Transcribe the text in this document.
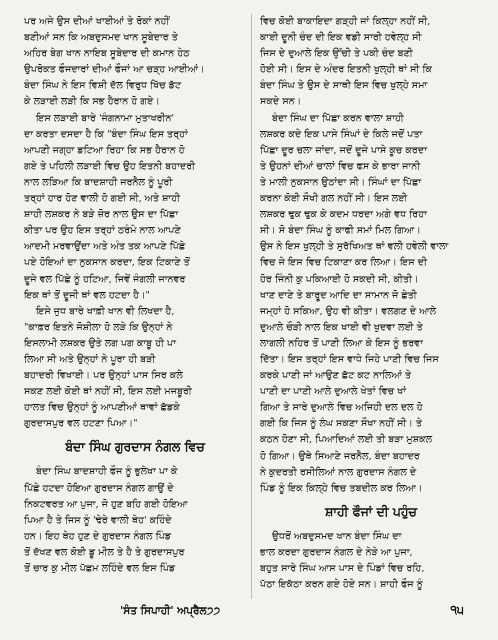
ਪਰ ਅਜੇ ਉਸ ਦੀਆਂ ਖਾਈਆਂ ਤੇ ਰੋਕਾਂ ਨਹੀਂ
ਬਣੀਆਂ ਸਨ ਕਿ ਅਬਦੁਸਮਦ ਖਾਨ ਸੂਬੇਦਾਰ ਤੇ
ਅਹਿਰ ਬੇਗ ਖਾਨ ਨਾਇਬ ਸੂਬੇਦਾਰ ਦੀ ਕਮਾਨ ਹੇਠ
ਉਪਰੋਕਤ ਫੌਜਦਾਰਾਂ ਦੀਆਂ ਫੌਜਾਂ ਆ ਚੜ੍ਹ ਆਈਆਂ।
ਬੰਦਾ ਸਿੰਘ ਨੇ ਇਸ ਵਿਸ਼ੀ ਦੱਲ ਵਿਰੁਧ ਖਿੱਚ ਡੱਟ
ਕੇ ਲੜਾਈ ਲੜੀ ਕਿ ਸਭ ਹੈਰਾਨ ਹੋ ਗਏ।
ਇਸ ਲੜਾਈ ਬਾਰੇ 'ਜੰਗਨਾਮਾ ਮੁਤਾਖਰੀਨ'
ਦਾ ਕਰਤਾ ਦਸਦਾ ਹੈ ਕਿ "ਬੰਦਾ ਸਿੰਘ ਇਸ ਤਰ੍ਹਾਂ
ਆਪਣੀ ਜਗ੍ਹਾ ਡਟਿਆ ਰਿਹਾ ਕਿ ਸਭ ਹੈਰਾਨ ਹੋ
ਗਏ ਤੇ ਪਹਿਲੀ ਲੜਾਈ ਵਿਚ ਉਹ ਇਤਨੀ ਬਹਾਦਰੀ
ਨਾਲ ਲੜਿਆ ਕਿ ਬਾਦਸ਼ਾਹੀ ਜਰਨੈਲ ਨੂੰ ਪੂਰੀ
ਤਰ੍ਹਾਂ ਹਾਰ ਹੋਣ ਵਾਲੀ ਹੋ ਗਈ ਸੀ, ਅਤੇ ਸ਼ਾਹੀ
ਸ਼ਾਹੀ ਲਸ਼ਕਰ ਨੇ ਬੜੇ ਜ਼ੋਰ ਨਾਲ ਉਸ ਦਾ ਪਿੱਛਾ
ਕੀਤਾ ਪਰ ਉਹ ਇਸ ਤਰ੍ਹਾਂ ਠਰੰਮੇ ਨਾਲ ਆਪਣੇ
ਆਦਮੀ ਮਰਵਾਉਂਦਾ ਅਤੇ ਅੰਤ ਤਕ ਆਪਣੇ ਪਿੱਛੇ
ਪਏ ਹੋਇਆਂ ਦਾ ਨੁਕਸਾਨ ਕਰਦਾ, ਇਕ ਟਿਕਾਣੇ ਤੋਂ
ਦੂਜੇ ਵਲ ਪਿੱਛੇ ਨੂੰ ਹਟਿਆ, ਜਿਵੇਂ ਜੰਗਲੀ ਜਾਨਵਰ
ਇਕ ਥਾਂ ਤੋਂ ਦੂਜੀ ਥਾਂ ਵਲ ਹਟਦਾ ਹੈ।"
ਇਸੇ ਜੁਧ ਬਾਰੇ ਖਾਫ਼ੀ ਖਾਨ ਵੀ ਲਿਖਦਾ ਹੈ,
"ਕਾਫ਼ਰ ਇਤਨੇ ਜੋਸ਼ੀਲਾ ਹੋ ਲੜੇ ਕਿ ਉਨ੍ਹਾਂ ਨੇ
ਇਸਲਾਮੀ ਲਸ਼ਕਰ ਉਤੇ ਲਗ ਪਗ ਕਾਬੂ ਹੀ ਪਾ
ਲਿਆ ਸੀ ਅਤੇ ਉਨ੍ਹਾਂ ਨੇ ਪੂਰਾ ਹੀ ਬੜੀ
ਬਹਾਦਰੀ ਵਿਖਾਈ। ਪਰ ਉਨ੍ਹਾਂ ਪਾਸ ਸਿਰ ਕਲੇ
ਸਕਣ ਲਈ ਕੋਈ ਥਾਂ ਨਹੀਂ ਸੀ, ਇਸ ਲਈ ਮਜਬੂਰੀ
ਹਾਲਤ ਵਿਚ ਉਨ੍ਹਾਂ ਨੂੰ ਆਪਣੀਆਂ ਥਾਵਾਂ ਛੱਡਕੇ
ਗੁਰਦਾਸਪੁਰ ਵਲ ਹਟਣਾ ਪਿਆ।"
ਬੰਦਾ ਸਿੰਘ ਗੁਰਦਾਸ ਨੰਗਲ ਵਿਚ
ਬੰਦਾ ਸਿੰਘ ਬਾਦਸ਼ਾਹੀ ਫੌਜ ਨੂੰ ਭੁਲੇਖਾ ਪਾ ਕੇ
ਪਿੱਛੇ ਹਟਦਾ ਹੋਇਆ ਗੁਰਦਾਸ ਨੰਗਲ ਗਾਉਂ ਦੇ
ਨਿਕਟਵਰਤ ਆ ਪੁਜਾ, ਜੋ ਹੁਣ ਬਹਿ ਗਈ ਹੋਇਆ
ਪਿਆ ਹੈ ਤੇ ਜਿਸ ਨੂੰ 'ਢੇਰੇ ਵਾਲੀ ਥੇਹ' ਕਹਿੰਦੇ
ਹਨ। ਇਹ ਥੇਹ ਹੁਣ ਦੇ ਗੁਰਦਾਸ ਨੰਗਲ ਪਿੰਡ
ਤੋਂ ਦੱਖਣ ਵਲ ਕੋਈ ਡੂ ਮੀਲ ਤੇ ਹੈ ਤੇ ਗੁਰਦਾਸਪੁਰ
ਤੋਂ ਚਾਰ ਕੁ ਮੀਲ ਪੱਛਮ ਲਹਿੰਦੇ ਵਲ ਇਸ ਪਿੰਡ
ਵਿਚ ਕੋਈ ਬਾਕਾਇਦਾ ਗੜ੍ਹੀ ਜਾਂ ਕਿਲ੍ਹਾ ਨਹੀਂ ਸੀ,
ਕਾਈ ਦੂਨੀ ਚੰਦ ਦੀ ਇਕ ਵਡੀ ਸਾਰੀ ਹਵੇਲ੍ਹ ਸੀ
ਜਿਸ ਦੇ ਦੁਆਲੇ ਇਕ ਉੱਚੀ ਤੇ ਪਕੀ ਚੰਦ ਬਣੀ
ਹੋਈ ਸੀ। ਇਸ ਦੇ ਅੰਦਰ ਇਤਨੀ ਖੁਲ੍ਹੀ ਥਾਂ ਸੀ ਕਿ
ਬੰਦਾ ਸਿੰਘ ਤੇ ਉਸ ਦੇ ਸਾਥੀ ਇਸ ਵਿਚ ਖੁਲ੍ਹੇ ਸਮਾ
ਸਕਦੇ ਸਨ।
ਬੰਦਾ ਸਿੰਘ ਦਾ ਪਿੱਛਾ ਕਰਨ ਵਾਲਾ ਸ਼ਾਹੀ
ਲਸ਼ਕਰ ਕਦੇ ਇਕ ਪਾਸੇ ਸਿੰਘਾਂ ਦੇ ਕਿਲੇ ਜਦੋਂ ਪਤਾ
ਪਿੱਛਾ ਦੂਰ ਚਲਾ ਜਾਂਦਾ, ਜਦੋਂ ਦੂਜੇ ਪਾਸੇ ਕੂਚ ਕਰਦਾ
ਤੇ ਉਹਨਾਂ ਦੀਆਂ ਚਾਲਾਂ ਵਿਚ ਫਸ ਕੇ ਭਾਰਾ ਜਾਨੀ
ਤੇ ਮਾਲੀ ਨੁਕਸਾਨ ਉਠਾਂਦਾ ਸੀ। ਸਿੰਘਾਂ ਦਾ ਪਿੱਛਾ
ਕਰਨਾ ਕੋਈ ਸੌਖੀ ਗਲ ਨਹੀਂ ਸੀ। ਇਸ ਲਈ
ਲਸ਼ਕਰ ਢੁਕ ਢੁਕ ਕੇ ਕਦਮ ਧਰਦਾ ਅਗੇ ਵਧ ਰਿਹਾ
ਸੀ। ਸੋ ਬੰਦਾ ਸਿੰਘ ਨੂੰ ਕਾਫੀ ਸਮਾਂ ਮਿਲ ਗਿਆ।
ਉਸ ਨੇ ਇਸ ਖੁਲ੍ਹੀ ਤੇ ਸੁਰੱਖਿਅਤ ਥਾਂ ਵਲੀ ਹਵੇਲੀ ਵਾਲਾ
ਵਿਚ ਜੇ ਇਸ ਵਿਚ ਟਿਕਾਣਾ ਕਰ ਲਿਆ। ਇਸ ਦੀ
ਹੋਰ ਜਿੰਨੀ ਕੁ ਪਕਿਆਈ ਹੋ ਸਕਦੀ ਸੀ, ਕੀਤੀ।
ਖਾਣ ਦਾਣੇ ਤੇ ਬਾਰੂਦ ਆਦਿ ਦਾ ਸਾਮਾਨ ਜੋ ਛੇਤੀ
ਜਮ੍ਹਾਂ ਹੋ ਸਕਿਆ, ਉਹ ਵੀ ਕੀਤਾ। ਵਲਗਣ ਦੇ ਆਲੇ
ਦੁਆਲੇ ਚੌੜੀ ਨਾਲ ਇਕ ਖਾਈ ਵੀ ਖੁਦਵਾ ਲਈ ਤੇ
ਲਾਗਲੀ ਨਹਿਰ ਤੋਂ ਪਾਣੀ ਲਿਆ ਕੇ ਇਸ ਨੂੰ ਭਰਵਾ
ਦਿੱਤਾ। ਇਸ ਤਰ੍ਹਾਂ ਇਸ ਵਾਧੇ ਜਿਹੇ ਪਾਣੀ ਵਿਚ ਜਿਸ
ਕਰਕੇ ਪਾਣੀ ਜਾਂ ਆਉਣ ਛੱਟ ਕਟ ਨਾਲਿਆਂ ਤੇ
ਪਾਣੀ ਦਾ ਪਾਣੀ ਆਲੇ ਦੁਆਲੇ ਖੇਤਾਂ ਵਿਚ ਖਾਂ
ਗਿਆ ਤੇ ਸਾਰੇ ਦੁਆਲੇ ਵਿਚ ਅਜਿਹੀ ਦਲ ਦਲ ਹੋ
ਗਈ ਕਿ ਜਿਸ ਨੂੰ ਲੰਘ ਸਕਣਾ ਸੌਖਾ ਨਹੀਂ ਸੀ। ਤੇ
ਕਠਨ ਹੋਣਾ ਸੀ, ਪਿਆਦਿਆਂ ਲਈ ਤੀ ਬੜਾ ਮੁਸ਼ਕਲ
ਹੋ ਗਿਆ। ਉਥੇ ਸਿਆਣੇ ਜਰਨੈਲ, ਬੰਦਾ ਬਹਾਦਰ
ਨੇ ਕੁਦਰਤੀ ਰਸੀਲਿਆਂ ਨਾਲ ਗੁਰਦਾਸ ਨੰਗਲ ਦੇ
ਪਿੰਡ ਨੂੰ ਇਕ ਕਿਲ੍ਹੇ ਵਿਚ ਤਬਦੀਲ ਕਰ ਲਿਆ।
ਸ਼ਾਹੀ ਫੌਜਾਂ ਦੀ ਪਹੁੰਚ
ਉਧਰੋਂ ਅਬਦੁਸਮਦ ਖਾਨ ਬੰਦਾ ਸਿੰਘ ਦਾ
ਭਾਲ ਕਰਦਾ ਗੁਰਦਾਸ ਨੰਗਲ ਦੇ ਨੇੜੇ ਆ ਪੁਜਾ,
ਬਹੁਤ ਸਾਰੇ ਸਿੰਘ ਆਸ ਪਾਸ ਦੇ ਪਿੰਡਾਂ ਵਿਚ ਰਹਿ,
ਪੱਠਾ ਇਕੱਠਾ ਕਰਨ ਗਏ ਹੋਏ ਸਨ। ਸ਼ਾਹੀ ਫੌਜ ਨੂੰ
'ਸੰਤ ਸਿਪਾਹੀ' ਅਪ੍ਰੈਲ੭੭	੧੫
